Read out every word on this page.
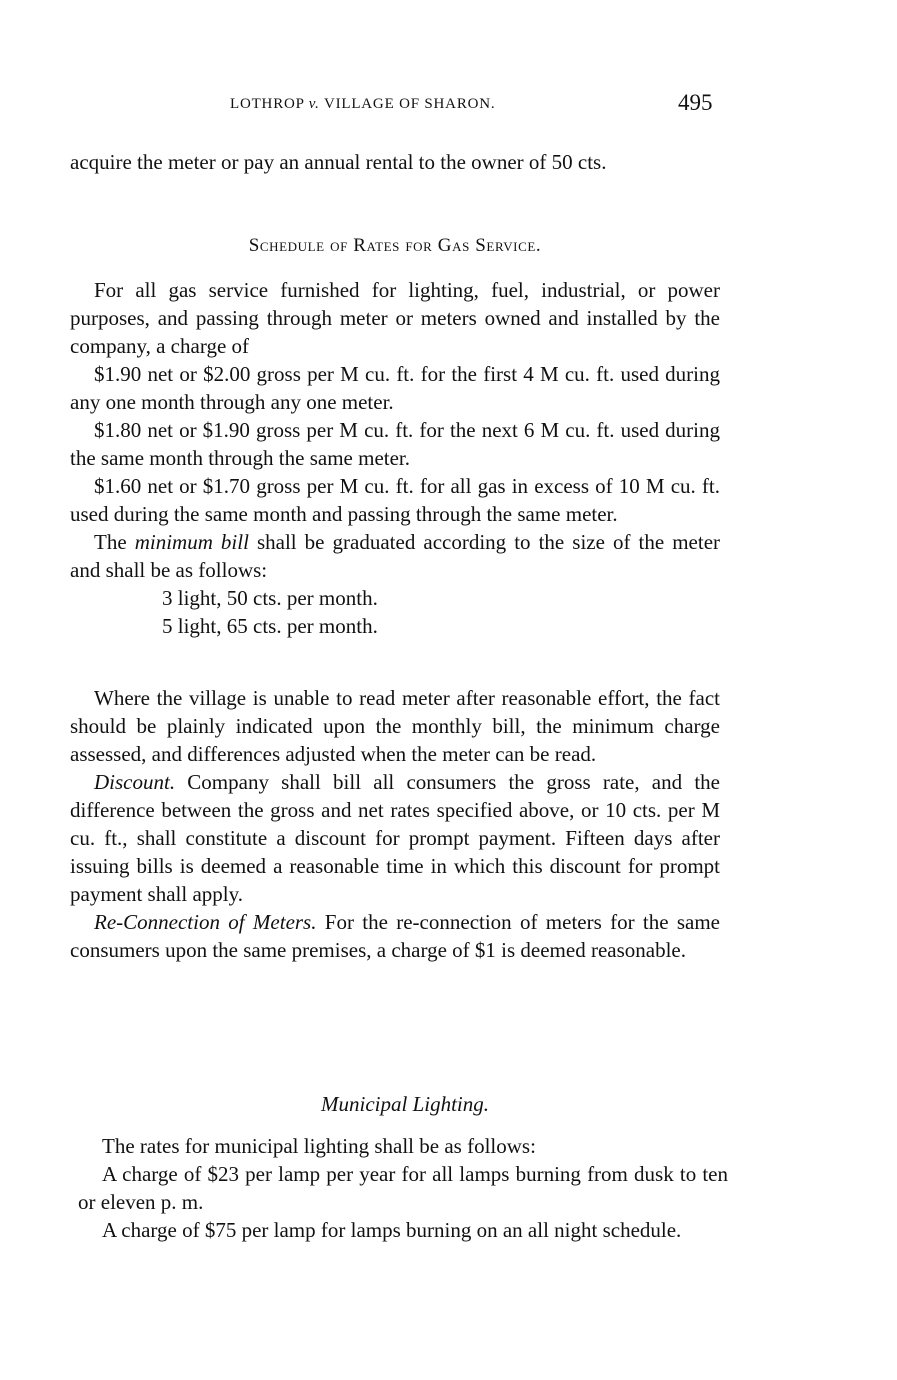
LOTHROP v. VILLAGE OF SHARON.	495

acquire the meter or pay an annual rental to the owner of 50 cts.

Schedule of Rates for Gas Service.

For all gas service furnished for lighting, fuel, industrial, or power purposes, and passing through meter or meters owned and installed by the company, a charge of

$1.90 net or $2.00 gross per M cu. ft. for the first 4 M cu. ft. used during any one month through any one meter.

$1.80 net or $1.90 gross per M cu. ft. for the next 6 M cu. ft. used during the same month through the same meter.

$1.60 net or $1.70 gross per M cu. ft. for all gas in excess of 10 M cu. ft. used during the same month and passing through the same meter.

The minimum bill shall be graduated according to the size of the meter and shall be as follows:

3 light, 50 cts. per month.

5 light, 65 cts. per month.

Where the village is unable to read meter after reasonable effort, the fact should be plainly indicated upon the monthly bill, the minimum charge assessed, and differences adjusted when the meter can be read.

Discount. Company shall bill all consumers the gross rate, and the difference between the gross and net rates specified above, or 10 cts. per M cu. ft., shall constitute a discount for prompt payment. Fifteen days after issuing bills is deemed a reasonable time in which this discount for prompt payment shall apply.

Re-Connection of Meters. For the re-connection of meters for the same consumers upon the same premises, a charge of $1 is deemed reasonable.

Municipal Lighting.

The rates for municipal lighting shall be as follows:

A charge of $23 per lamp per year for all lamps burning from dusk to ten or eleven p. m.

A charge of $75 per lamp for lamps burning on an all night schedule.
